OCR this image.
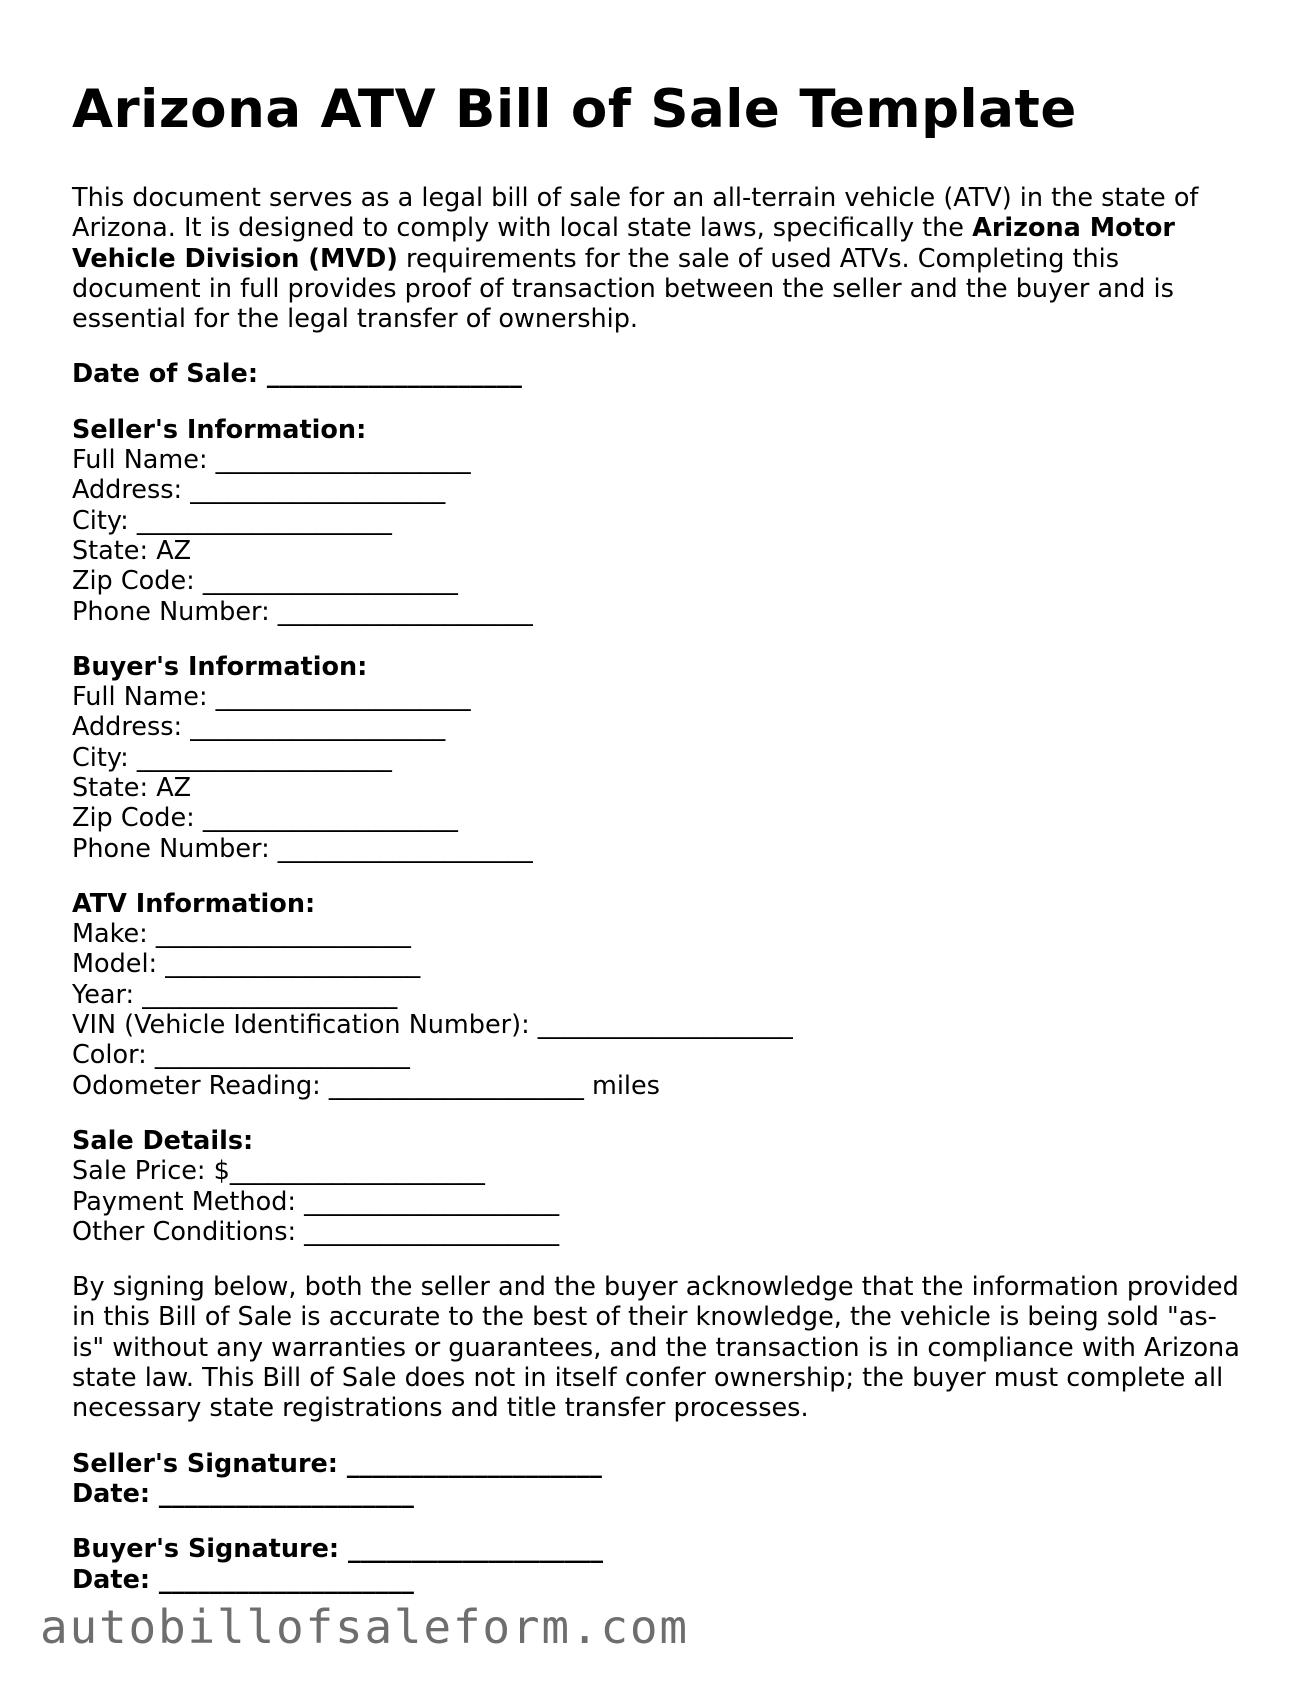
Arizona ATV Bill of Sale Template

This document serves as a legal bill of sale for an all-terrain vehicle (ATV) in the state of Arizona. It is designed to comply with local state laws, specifically the Arizona Motor Vehicle Division (MVD) requirements for the sale of used ATVs. Completing this document in full provides proof of transaction between the seller and the buyer and is essential for the legal transfer of ownership.

Date of Sale: ____________________
Seller's Information:
Full Name: ____________________
Address: ____________________
City: ____________________
State: AZ
Zip Code: ____________________
Phone Number: ____________________
Buyer's Information:
Full Name: ____________________
Address: ____________________
City: ____________________
State: AZ
Zip Code: ____________________
Phone Number: ____________________
ATV Information:
Make: ____________________
Model: ____________________
Year: ____________________
VIN (Vehicle Identification Number): ____________________
Color: ____________________
Odometer Reading: ____________________ miles
Sale Details:
Sale Price: $____________________
Payment Method: ____________________
Other Conditions: ____________________

By signing below, both the seller and the buyer acknowledge that the information provided in this Bill of Sale is accurate to the best of their knowledge, the vehicle is being sold "as-is" without any warranties or guarantees, and the transaction is in compliance with Arizona state law. This Bill of Sale does not in itself confer ownership; the buyer must complete all necessary state registrations and title transfer processes.

Seller's Signature: ____________________
Date: ____________________
Buyer's Signature: ____________________
Date: ____________________
autobillofsaleform.com
